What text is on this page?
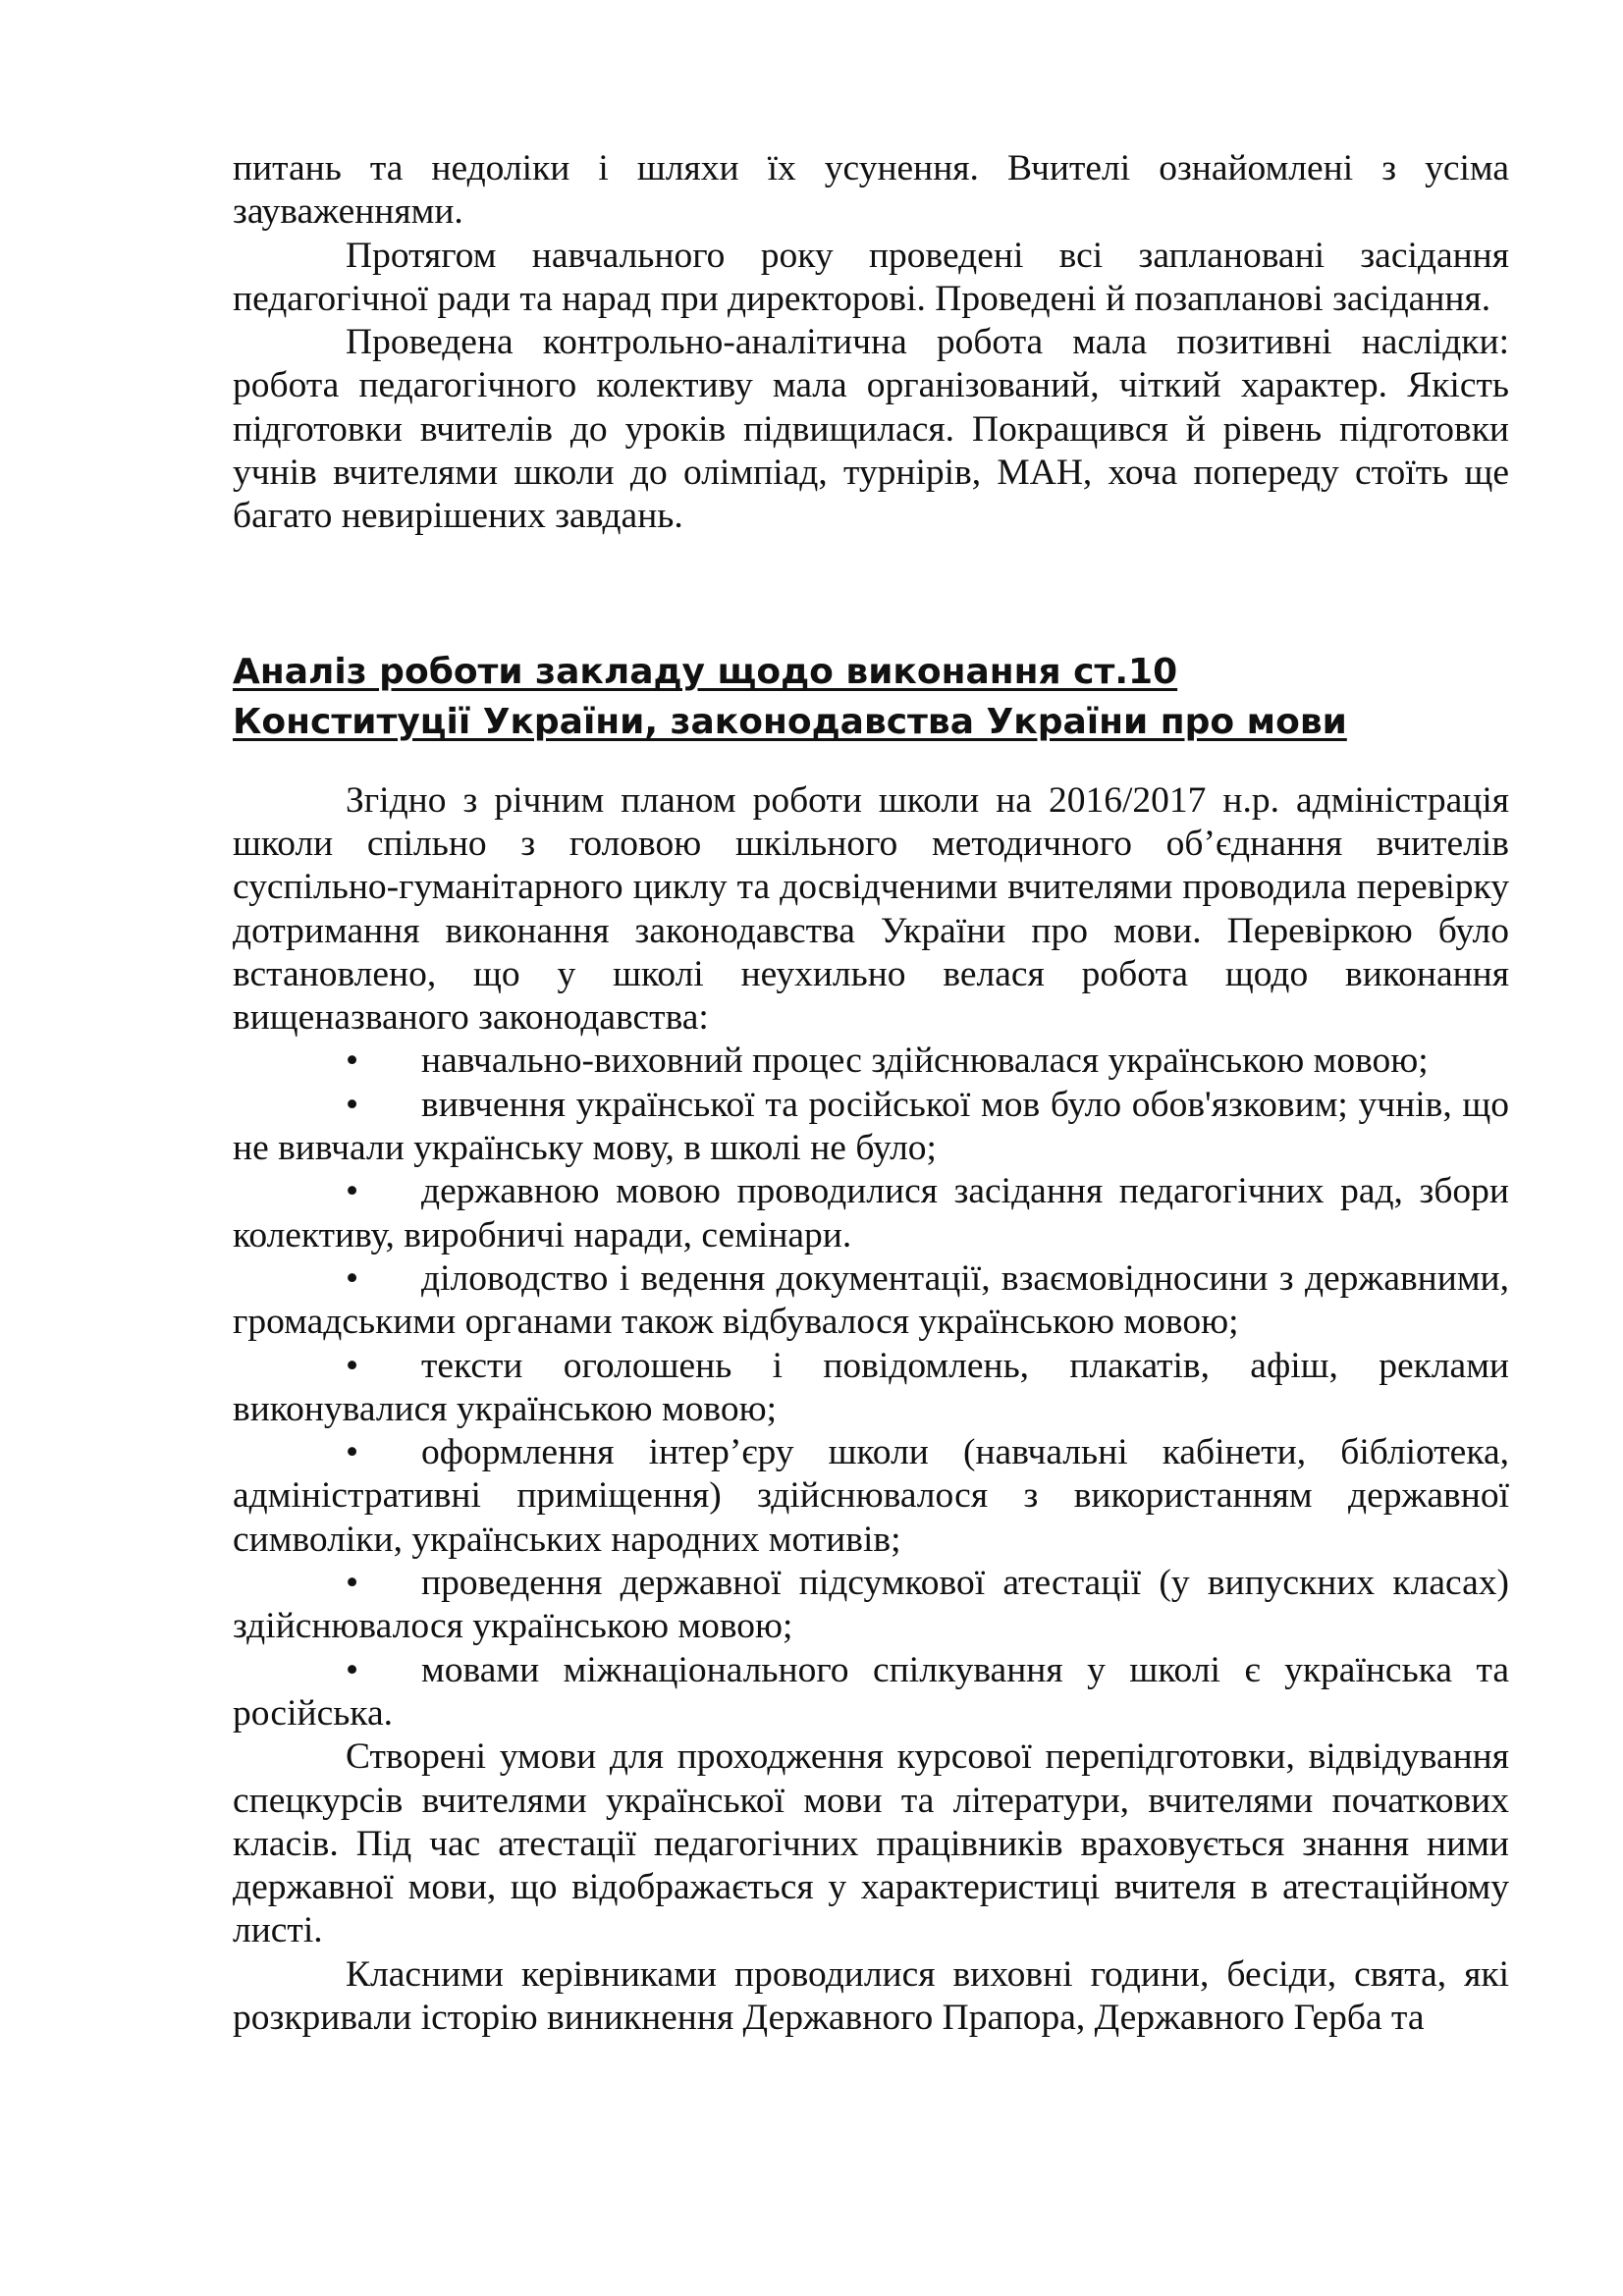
питань та недоліки і шляхи їх усунення. Вчителі ознайомлені з усіма зауваженнями.

Протягом навчального року проведені всі заплановані засідання педагогічної ради та нарад при директорові. Проведені й позапланові засідання.

Проведена контрольно-аналітична робота мала позитивні наслідки: робота педагогічного колективу мала організований, чіткий характер. Якість підготовки вчителів до уроків підвищилася. Покращився й рівень підготовки учнів вчителями школи до олімпіад, турнірів, МАН, хоча попереду стоїть ще багато невирішених завдань.

Аналіз роботи закладу щодо виконання ст.10
Конституції України, законодавства України про мови

Згідно з річним планом роботи школи на 2016/2017 н.р. адміністрація школи спільно з головою шкільного методичного об’єднання вчителів суспільно-гуманітарного циклу та досвідченими вчителями проводила перевірку дотримання виконання законодавства України про мови. Перевіркою було встановлено, що у школі неухильно велася робота щодо виконання вищеназваного законодавства:

• навчально-виховний процес здійснювалася українською мовою;

• вивчення української та російської мов було обов'язковим; учнів, що не вивчали українську мову, в школі не було;

• державною мовою проводилися засідання педагогічних рад, збори колективу, виробничі наради, семінари.

• діловодство і ведення документації, взаємовідносини з державними, громадськими органами також відбувалося українською мовою;

• тексти оголошень і повідомлень, плакатів, афіш, реклами виконувалися українською мовою;

• оформлення інтер’єру школи (навчальні кабінети, бібліотека, адміністративні приміщення) здійснювалося з використанням державної символіки, українських народних мотивів;

• проведення державної підсумкової атестації (у випускних класах) здійснювалося українською мовою;

• мовами міжнаціонального спілкування у школі є українська та російська.

Створені умови для проходження курсової перепідготовки, відвідування спецкурсів вчителями української мови та літератури, вчителями початкових класів. Під час атестації педагогічних працівників враховується знання ними державної мови, що відображається у характеристиці вчителя в атестаційному листі.

Класними керівниками проводилися виховні години, бесіди, свята, які розкривали історію виникнення Державного Прапора, Державного Герба та
